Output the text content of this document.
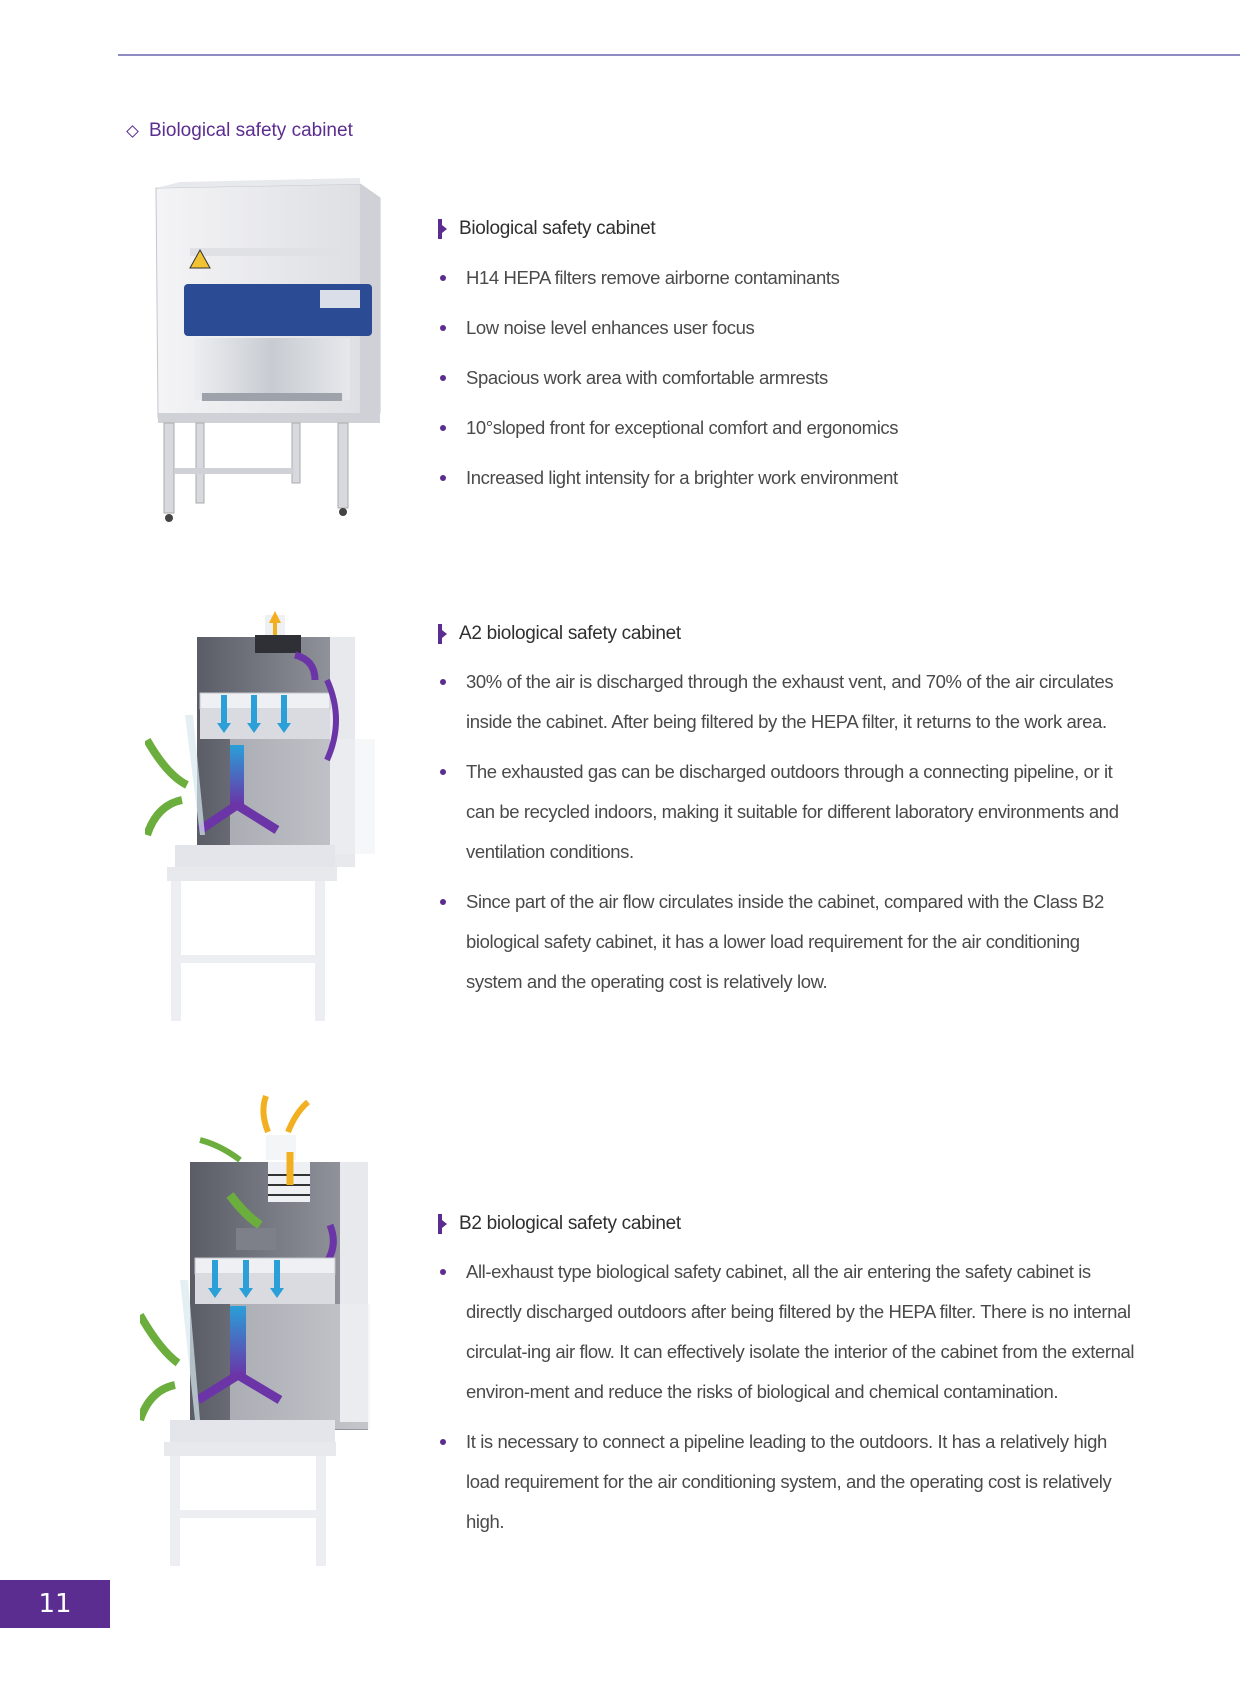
Biological safety cabinet
Biological safety cabinet
H14 HEPA filters remove airborne contaminants
Low noise level enhances user focus
Spacious work area with comfortable armrests
10°sloped front for exceptional comfort and ergonomics
Increased light intensity for a brighter work environment
A2 biological safety cabinet
30% of the air is discharged through the exhaust vent, and 70% of the air circulates inside the cabinet. After being filtered by the HEPA filter, it returns to the work area.
The exhausted gas can be discharged outdoors through a connecting pipeline, or it can be recycled indoors, making it suitable for different laboratory environments and ventilation conditions.
Since part of the air flow circulates inside the cabinet, compared with the Class B2 biological safety cabinet, it has a lower load requirement for the air conditioning system and the operating cost is relatively low.
B2 biological safety cabinet
All-exhaust type biological safety cabinet, all the air entering the safety cabinet is directly discharged outdoors after being filtered by the HEPA filter. There is no internal circulat-ing air flow. It can effectively isolate the interior of the cabinet from the external environ-ment and reduce the risks of biological and chemical contamination.
It is necessary to connect a pipeline leading to the outdoors. It has a relatively high load requirement for the air conditioning system, and the operating cost is relatively high.
11
